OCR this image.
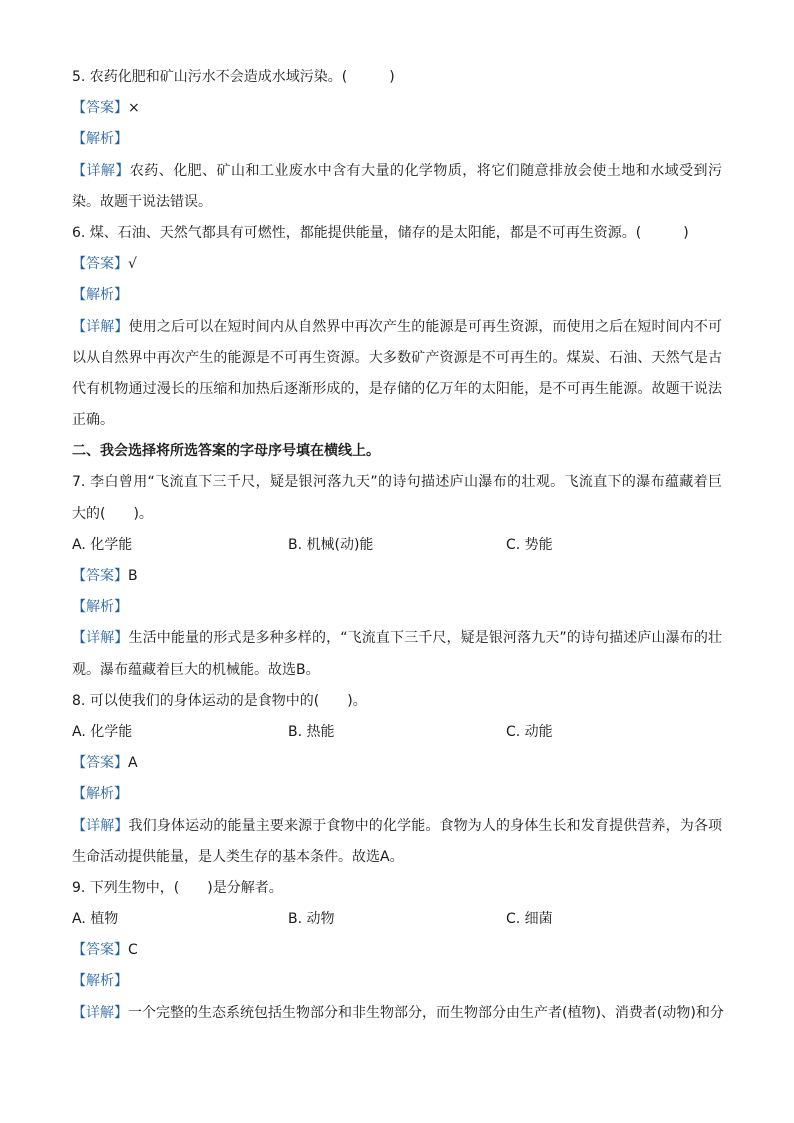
5. 农药化肥和矿山污水不会造成水域污染。(　　　)
【答案】×
【解析】
【详解】农药、化肥、矿山和工业废水中含有大量的化学物质，将它们随意排放会使土地和水域受到污
染。故题干说法错误。
6. 煤、石油、天然气都具有可燃性，都能提供能量，储存的是太阳能，都是不可再生资源。(　　　)
【答案】√
【解析】
【详解】使用之后可以在短时间内从自然界中再次产生的能源是可再生资源，而使用之后在短时间内不可
以从自然界中再次产生的能源是不可再生资源。大多数矿产资源是不可再生的。煤炭、石油、天然气是古
代有机物通过漫长的压缩和加热后逐渐形成的，是存储的亿万年的太阳能，是不可再生能源。故题干说法
正确。
二、我会选择将所选答案的字母序号填在横线上。
7. 李白曾用“飞流直下三千尺，疑是银河落九天”的诗句描述庐山瀑布的壮观。飞流直下的瀑布蕴藏着巨
大的(　　)。
A. 化学能	B. 机械(动)能	C. 势能
【答案】B
【解析】
【详解】生活中能量的形式是多种多样的，“飞流直下三千尺，疑是银河落九天”的诗句描述庐山瀑布的壮
观。瀑布蕴藏着巨大的机械能。故选B。
8. 可以使我们的身体运动的是食物中的(　　)。
A. 化学能	B. 热能	C. 动能
【答案】A
【解析】
【详解】我们身体运动的能量主要来源于食物中的化学能。食物为人的身体生长和发育提供营养，为各项
生命活动提供能量，是人类生存的基本条件。故选A。
9. 下列生物中，(　　)是分解者。
A. 植物	B. 动物	C. 细菌
【答案】C
【解析】
【详解】一个完整的生态系统包括生物部分和非生物部分，而生物部分由生产者(植物)、消费者(动物)和分
